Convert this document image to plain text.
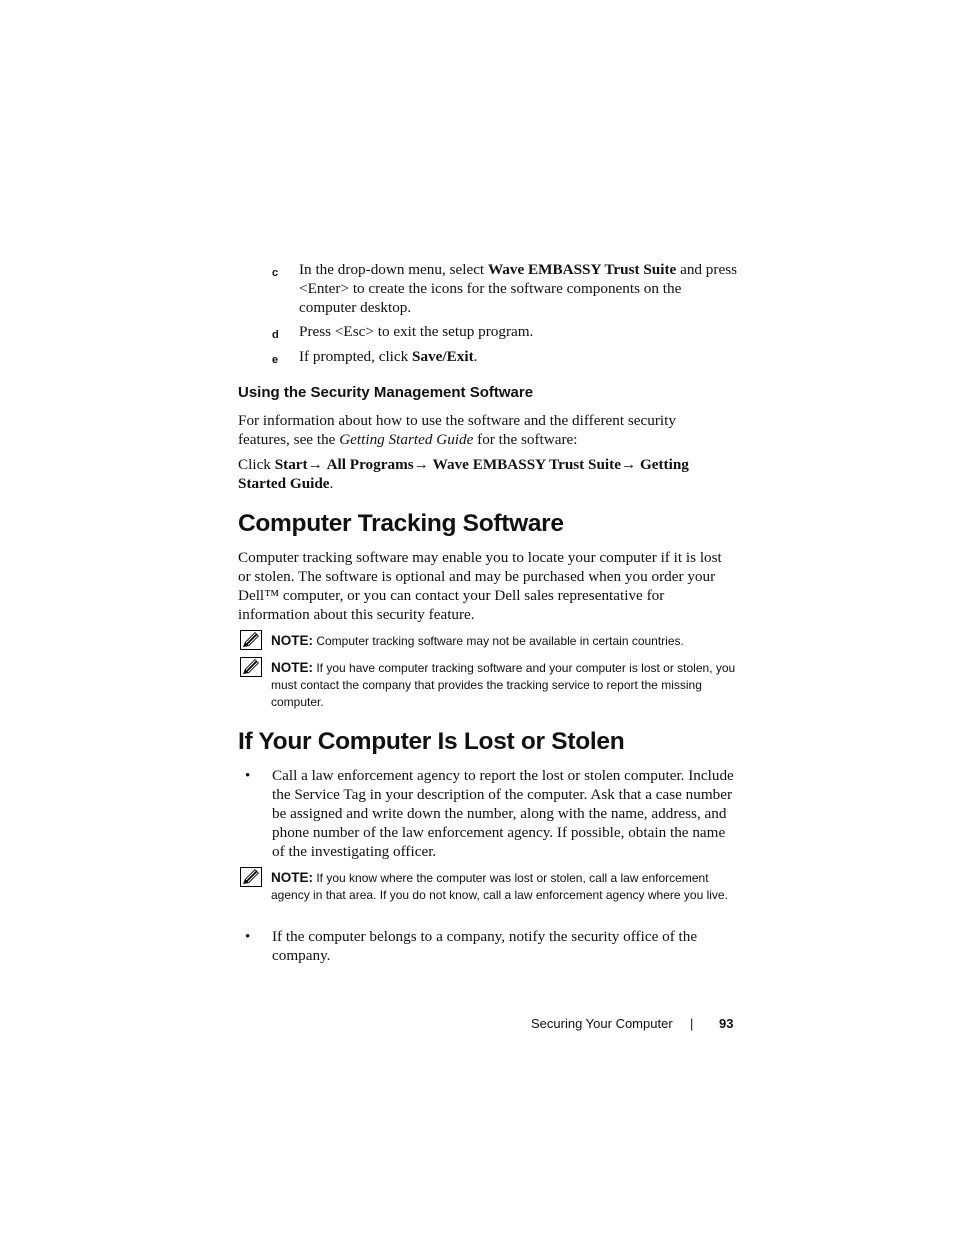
c In the drop-down menu, select Wave EMBASSY Trust Suite and press <Enter> to create the icons for the software components on the computer desktop.
d Press <Esc> to exit the setup program.
e If prompted, click Save/Exit.
Using the Security Management Software
For information about how to use the software and the different security features, see the Getting Started Guide for the software:
Click Start→ All Programs→ Wave EMBASSY Trust Suite→ Getting Started Guide.
Computer Tracking Software
Computer tracking software may enable you to locate your computer if it is lost or stolen. The software is optional and may be purchased when you order your Dell™ computer, or you can contact your Dell sales representative for information about this security feature.
NOTE: Computer tracking software may not be available in certain countries.
NOTE: If you have computer tracking software and your computer is lost or stolen, you must contact the company that provides the tracking service to report the missing computer.
If Your Computer Is Lost or Stolen
• Call a law enforcement agency to report the lost or stolen computer. Include the Service Tag in your description of the computer. Ask that a case number be assigned and write down the number, along with the name, address, and phone number of the law enforcement agency. If possible, obtain the name of the investigating officer.
NOTE: If you know where the computer was lost or stolen, call a law enforcement agency in that area. If you do not know, call a law enforcement agency where you live.
• If the computer belongs to a company, notify the security office of the company.
Securing Your Computer | 93
